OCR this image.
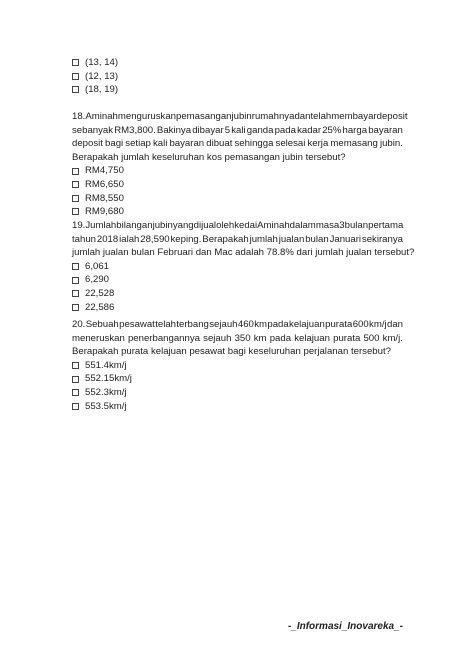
(13, 14)
(12, 13)
(18, 19)
18. Aminah menguruskan pemasangan jubin rumahnya dan telah membayar deposit
sebanyak RM3,800. Bakinya dibayar 5 kali ganda pada kadar 25% harga bayaran
deposit bagi setiap kali bayaran dibuat sehingga selesai kerja memasang jubin.
Berapakah jumlah keseluruhan kos pemasangan jubin tersebut?
RM4,750
RM6,650
RM8,550
RM9,680
19. Jumlah bilangan jubin yang dijual oleh kedai Aminah dalam masa 3 bulan pertama
tahun 2018 ialah 28,590 keping. Berapakah jumlah jualan bulan Januari sekiranya
jumlah jualan bulan Februari dan Mac adalah 78.8% dari jumlah jualan tersebut?
6,061
6,290
22,528
22,586
20. Sebuah pesawat telah terbang sejauh 460 km pada kelajuan purata 600 km/j dan
meneruskan penerbangannya sejauh 350 km pada kelajuan purata 500 km/j.
Berapakah purata kelajuan pesawat bagi keseluruhan perjalanan tersebut?
551.4km/j
552.15km/j
552.3km/j
553.5km/j
-_Informasi_Inovareka_-
